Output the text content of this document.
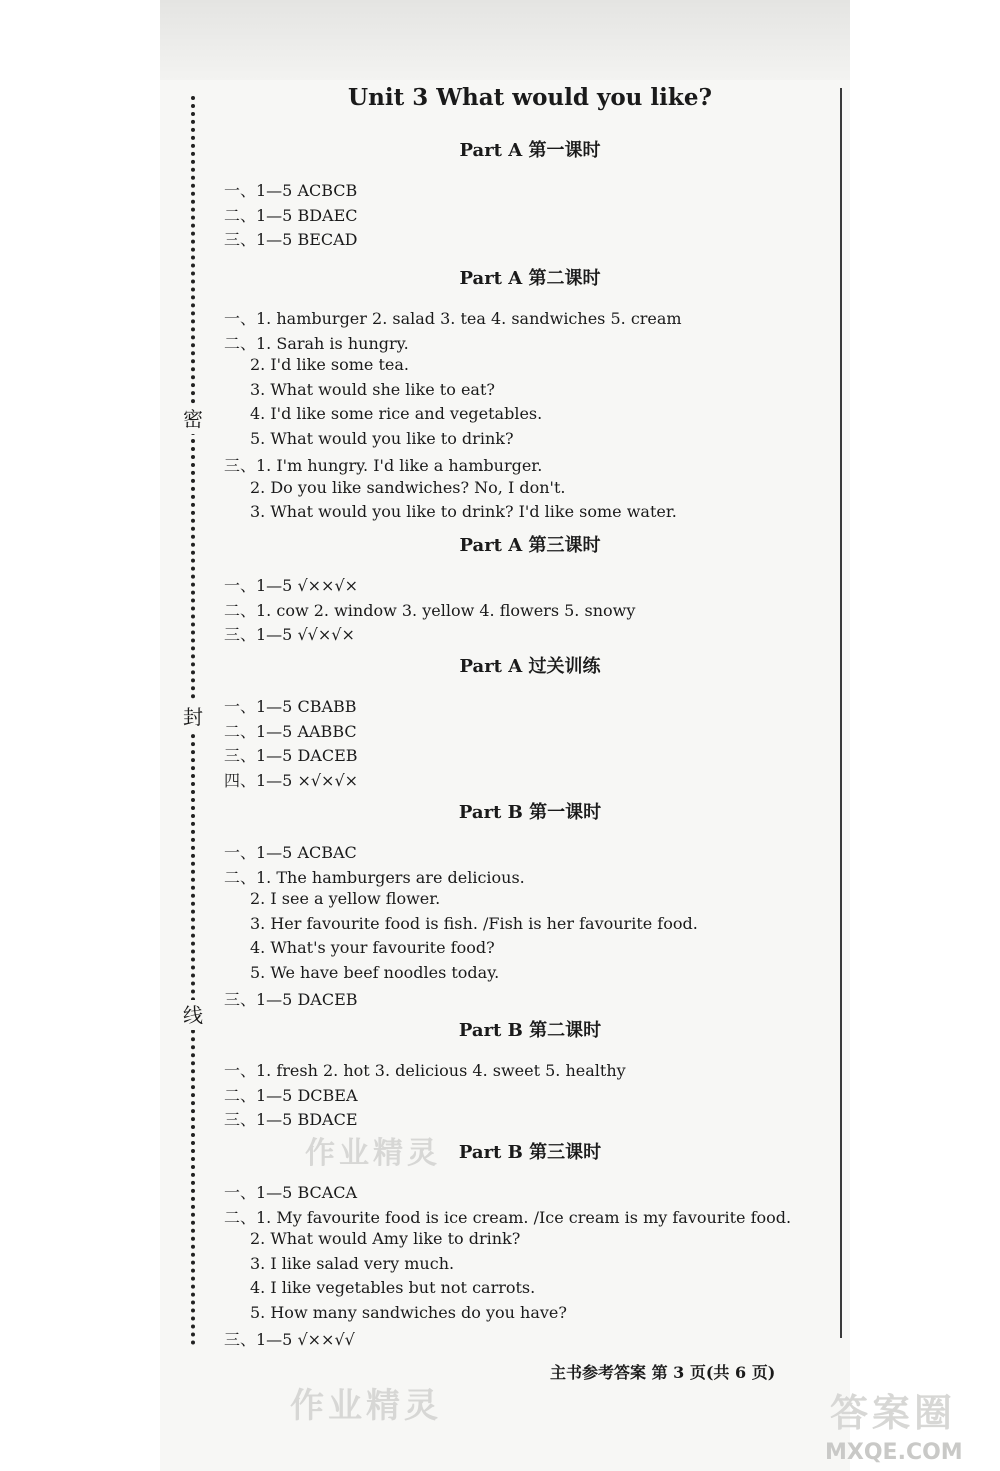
密
封
线
Unit 3 What would you like?
Part A 第一课时
一、1—5 ACBCB
二、1—5 BDAEC
三、1—5 BECAD
Part A 第二课时
一、1. hamburger 2. salad 3. tea 4. sandwiches 5. cream
二、1. Sarah is hungry.
2. I'd like some tea.
3. What would she like to eat?
4. I'd like some rice and vegetables.
5. What would you like to drink?
三、1. I'm hungry. I'd like a hamburger.
2. Do you like sandwiches? No, I don't.
3. What would you like to drink? I'd like some water.
Part A 第三课时
一、1—5 √××√×
二、1. cow 2. window 3. yellow 4. flowers 5. snowy
三、1—5 √√×√×
Part A 过关训练
一、1—5 CBABB
二、1—5 AABBC
三、1—5 DACEB
四、1—5 ×√×√×
Part B 第一课时
一、1—5 ACBAC
二、1. The hamburgers are delicious.
2. I see a yellow flower.
3. Her favourite food is fish. /Fish is her favourite food.
4. What's your favourite food?
5. We have beef noodles today.
三、1—5 DACEB
Part B 第二课时
一、1. fresh 2. hot 3. delicious 4. sweet 5. healthy
二、1—5 DCBEA
三、1—5 BDACE
Part B 第三课时
一、1—5 BCACA
二、1. My favourite food is ice cream. /Ice cream is my favourite food.
2. What would Amy like to drink?
3. I like salad very much.
4. I like vegetables but not carrots.
5. How many sandwiches do you have?
三、1—5 √××√√
作业精灵
作业精灵	答案圈
MXQE.COM
主书参考答案 第 3 页(共 6 页)
